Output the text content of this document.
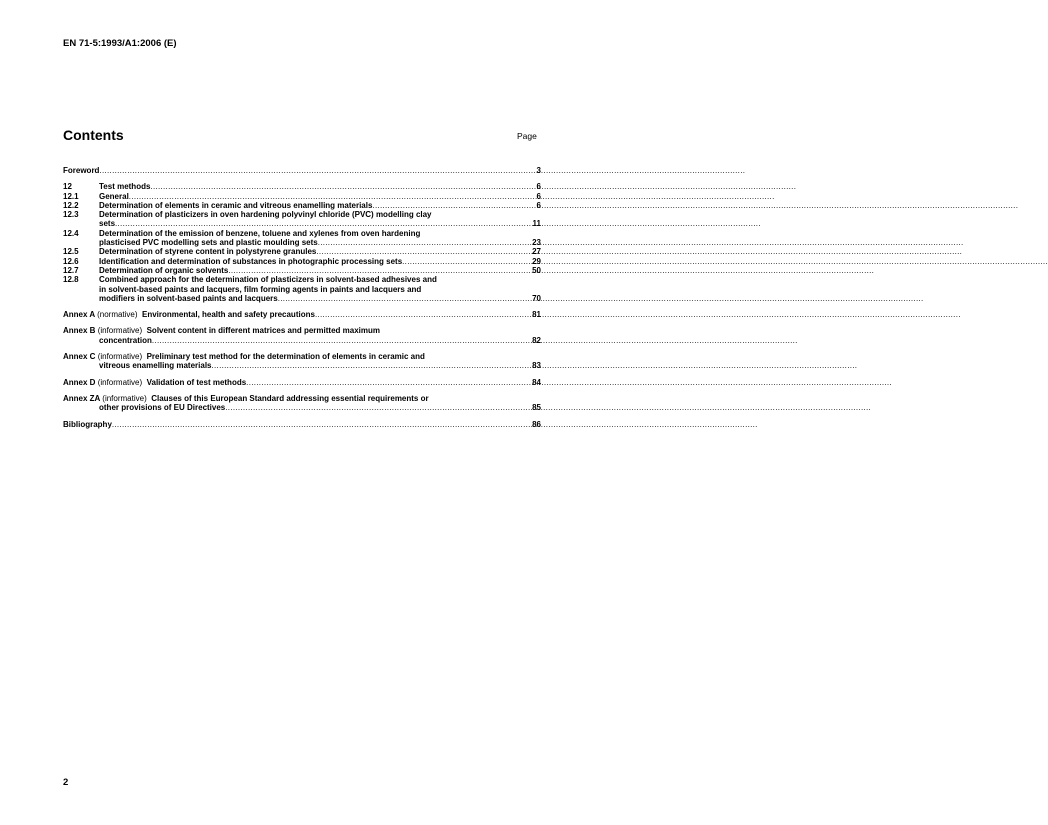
EN 71-5:1993/A1:2006 (E)
Contents	Page
Foreword .....	3
12	Test methods .....	6
12.1	General .....	6
12.2	Determination of elements in ceramic and vitreous enamelling materials .....	6
12.3	Determination of plasticizers in oven hardening polyvinyl chloride (PVC) modelling clay
sets .....	11
12.4	Determination of the emission of benzene, toluene and xylenes from oven hardening
plasticised PVC modelling sets and plastic moulding sets .....	23
12.5	Determination of styrene content in polystyrene granules .....	27
12.6	Identification and determination of substances in photographic processing sets .....	29
12.7	Determination of organic solvents .....	50
12.8	Combined approach for the determination of plasticizers in solvent-based adhesives and
in solvent-based paints and lacquers, film forming agents in paints and lacquers and
modifiers in solvent-based paints and lacquers .....	70
Annex A (normative) Environmental, health and safety precautions .....	81
Annex B (informative) Solvent content in different matrices and permitted maximum
concentration .....	82
Annex C (informative) Preliminary test method for the determination of elements in ceramic and
vitreous enamelling materials .....	83
Annex D (informative) Validation of test methods .....	84
Annex ZA (informative) Clauses of this European Standard addressing essential requirements or
other provisions of EU Directives .....	85
Bibliography .....	86
2
